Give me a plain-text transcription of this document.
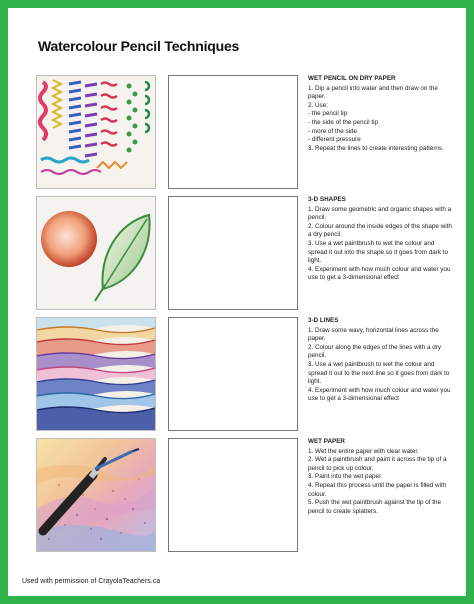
Watercolour Pencil Techniques
WET PENCIL ON DRY PAPER
1. Dip a pencil into water and then draw on the paper.
2. Use:
- the pencil tip
- the side of the pencil tip
- more of the side
- different pressure
3. Repeat the lines to create interesting patterns.
3-D SHAPES
1. Draw some geometric and organic shapes with a pencil.
2. Colour around the inside edges of the shape with a dry pencil.
3. Use a wet paintbrush to wet the colour and spread it out into the shape so it goes from dark to light.
4. Experiment with how much colour and water you use to get a 3-dimensional effect
3-D LINES
1. Draw some wavy, horizontal lines across the paper.
2. Colour along the edges of the lines with a dry pencil.
3. Use a wet paintbrush to wet the colour and spread it out to the next line so it goes from dark to light.
4. Experiment with how much colour and water you use to get a 3-dimensional effect
WET PAPER
1. Wet the entire paper with clear water.
2. Wet a paintbrush and paint it across the tip of a pencil to pick up colour.
3. Paint into the wet paper.
4. Repeat this process until the paper is filled with colour.
5. Push the wet paintbrush against the tip of the pencil to create splatters.
Used with permission of CrayolaTeachers.ca
